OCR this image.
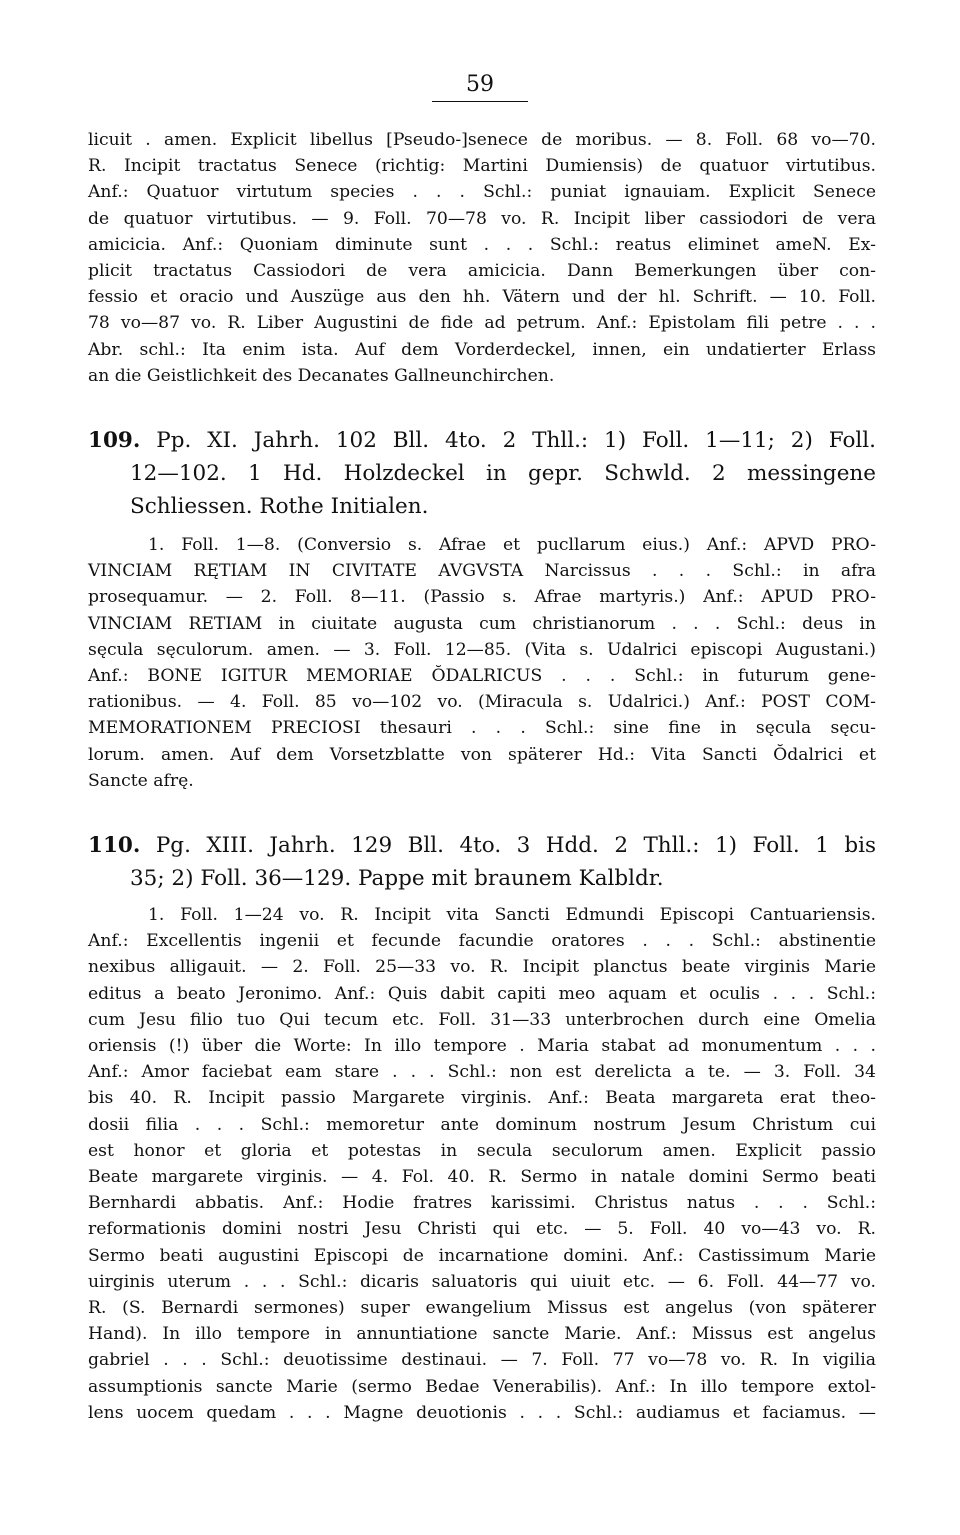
59
licuit . amen. Explicit libellus [Pseudo-]senece de moribus. — 8. Foll. 68 vo—70.
R. Incipit tractatus Senece (richtig: Martini Dumiensis) de quatuor virtutibus.
Anf.: Quatuor virtutum species . . . Schl.: puniat ignauiam. Explicit Senece
de quatuor virtutibus. — 9. Foll. 70—78 vo. R. Incipit liber cassiodori de vera
amicicia. Anf.: Quoniam diminute sunt . . . Schl.: reatus eliminet ameN. Ex-
plicit tractatus Cassiodori de vera amicicia. Dann Bemerkungen über con-
fessio et oracio und Auszüge aus den hh. Vätern und der hl. Schrift. — 10. Foll.
78 vo—87 vo. R. Liber Augustini de fide ad petrum. Anf.: Epistolam fili petre . . .
Abr. schl.: Ita enim ista. Auf dem Vorderdeckel, innen, ein undatierter Erlass
an die Geistlichkeit des Decanates Gallneunchirchen.
109. Pp. XI. Jahrh. 102 Bll. 4to. 2 Thll.: 1) Foll. 1—11; 2) Foll.
12—102. 1 Hd. Holzdeckel in gepr. Schwld. 2 messingene
Schliessen. Rothe Initialen.
1. Foll. 1—8. (Conversio s. Afrae et pucllarum eius.) Anf.: APVD PRO-
VINCIAM RĘTIAM IN CIVITATE AVGVSTA Narcissus . . . Schl.: in afra
prosequamur. — 2. Foll. 8—11. (Passio s. Afrae martyris.) Anf.: APUD PRO-
VINCIAM RETIAM in ciuitate augusta cum christianorum . . . Schl.: deus in
sęcula sęculorum. amen. — 3. Foll. 12—85. (Vita s. Udalrici episcopi Augustani.)
Anf.: BONE IGITUR MEMORIAE ŎDALRICUS . . . Schl.: in futurum gene-
rationibus. — 4. Foll. 85 vo—102 vo. (Miracula s. Udalrici.) Anf.: POST COM-
MEMORATIONEM PRECIOSI thesauri . . . Schl.: sine fine in sęcula sęcu-
lorum. amen. Auf dem Vorsetzblatte von späterer Hd.: Vita Sancti Ŏdalrici et
Sancte afrę.
110. Pg. XIII. Jahrh. 129 Bll. 4to. 3 Hdd. 2 Thll.: 1) Foll. 1 bis
35; 2) Foll. 36—129. Pappe mit braunem Kalbldr.
1. Foll. 1—24 vo. R. Incipit vita Sancti Edmundi Episcopi Cantuariensis.
Anf.: Excellentis ingenii et fecunde facundie oratores . . . Schl.: abstinentie
nexibus alligauit. — 2. Foll. 25—33 vo. R. Incipit planctus beate virginis Marie
editus a beato Jeronimo. Anf.: Quis dabit capiti meo aquam et oculis . . . Schl.:
cum Jesu filio tuo Qui tecum etc. Foll. 31—33 unterbrochen durch eine Omelia
oriensis (!) über die Worte: In illo tempore . Maria stabat ad monumentum . . .
Anf.: Amor faciebat eam stare . . . Schl.: non est derelicta a te. — 3. Foll. 34
bis 40. R. Incipit passio Margarete virginis. Anf.: Beata margareta erat theo-
dosii filia . . . Schl.: memoretur ante dominum nostrum Jesum Christum cui
est honor et gloria et potestas in secula seculorum amen. Explicit passio
Beate margarete virginis. — 4. Fol. 40. R. Sermo in natale domini Sermo beati
Bernhardi abbatis. Anf.: Hodie fratres karissimi. Christus natus . . . Schl.:
reformationis domini nostri Jesu Christi qui etc. — 5. Foll. 40 vo—43 vo. R.
Sermo beati augustini Episcopi de incarnatione domini. Anf.: Castissimum Marie
uirginis uterum . . . Schl.: dicaris saluatoris qui uiuit etc. — 6. Foll. 44—77 vo.
R. (S. Bernardi sermones) super ewangelium Missus est angelus (von späterer
Hand). In illo tempore in annuntiatione sancte Marie. Anf.: Missus est angelus
gabriel . . . Schl.: deuotissime destinaui. — 7. Foll. 77 vo—78 vo. R. In vigilia
assumptionis sancte Marie (sermo Bedae Venerabilis). Anf.: In illo tempore extol-
lens uocem quedam . . . Magne deuotionis . . . Schl.: audiamus et faciamus. —
